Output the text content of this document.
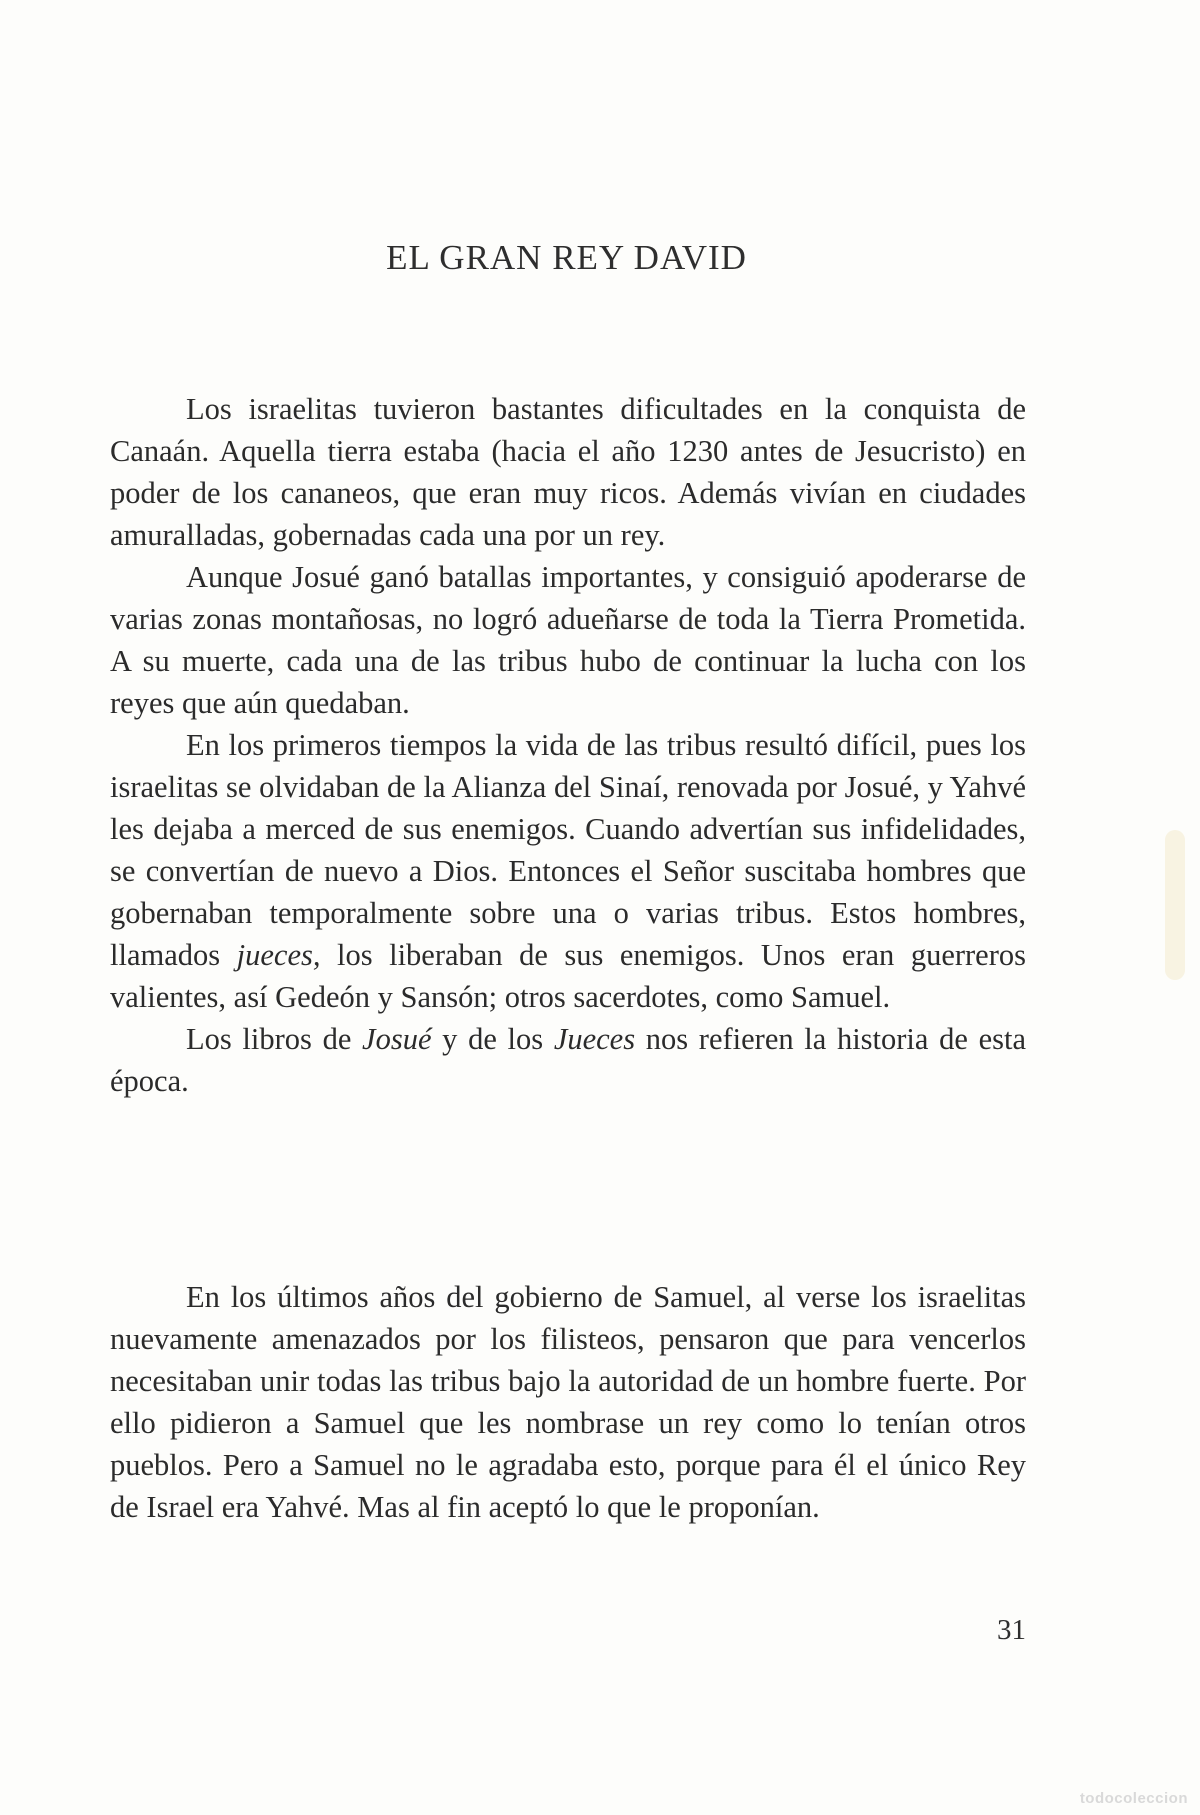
EL GRAN REY DAVID

Los israelitas tuvieron bastantes dificultades en la conquista de Canaán. Aquella tierra estaba (hacia el año 1230 antes de Jesucristo) en poder de los cananeos, que eran muy ricos. Además vivían en ciudades amuralladas, gobernadas cada una por un rey.

Aunque Josué ganó batallas importantes, y consiguió apoderarse de varias zonas montañosas, no logró adueñarse de toda la Tierra Prometida. A su muerte, cada una de las tribus hubo de continuar la lucha con los reyes que aún quedaban.

En los primeros tiempos la vida de las tribus resultó difícil, pues los israelitas se olvidaban de la Alianza del Sinaí, renovada por Josué, y Yahvé les dejaba a merced de sus enemigos. Cuando advertían sus infidelidades, se convertían de nuevo a Dios. Entonces el Señor suscitaba hombres que gobernaban temporalmente sobre una o varias tribus. Estos hombres, llamados jueces, los liberaban de sus enemigos. Unos eran guerreros valientes, así Gedeón y Sansón; otros sacerdotes, como Samuel.

Los libros de Josué y de los Jueces nos refieren la historia de esta época.

En los últimos años del gobierno de Samuel, al verse los israelitas nuevamente amenazados por los filisteos, pensaron que para vencerlos necesitaban unir todas las tribus bajo la autoridad de un hombre fuerte. Por ello pidieron a Samuel que les nombrase un rey como lo tenían otros pueblos. Pero a Samuel no le agradaba esto, porque para él el único Rey de Israel era Yahvé. Mas al fin aceptó lo que le proponían.

31
todocoleccion
